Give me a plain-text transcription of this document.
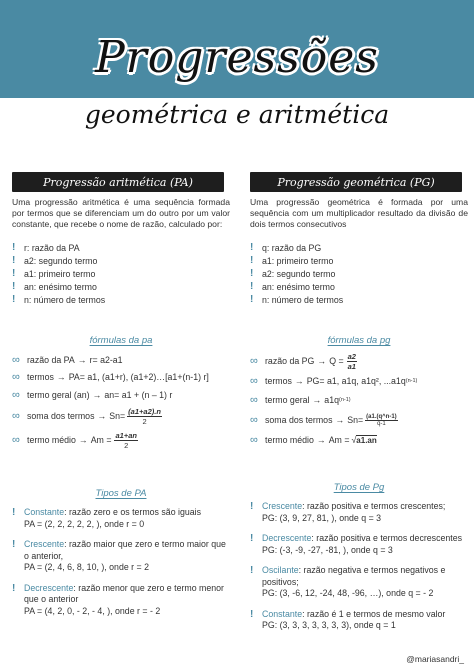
Progressões
geométrica e aritmética
Progressão aritmética (PA)

Uma progressão aritmética é uma sequência formada por termos que se diferenciam um do outro por um valor constante, que recebe o nome de razão, calculado por:

! r: razão da PA
! a2: segundo termo
! a1: primeiro termo
! an: enésimo termo
! n: número de termos
fórmulas da pa
∞ razão da PA → r= a2-a1
∞ termos → PA= a1, (a1+r), (a1+2)…[a1+(n-1) r]
∞ termo geral (an) → an= a1 + (n – 1) r
∞ soma dos termos → $Sn= \frac{(a1+a2).n}{2}$
∞ termo médio → $Am = \frac{a1+an}{2}$
Tipos de PA
! Constante: razão zero e os termos são iguais
PA = (2, 2, 2, 2, 2, ), onde r = 0
! Crescente: razão maior que zero e termo maior que o anterior,
PA = (2, 4, 6, 8, 10, ), onde r = 2
! Decrescente: razão menor que zero e termo menor que o anterior
PA = (4, 2, 0, - 2, - 4, ), onde r = - 2
Progressão geométrica (PG)

Uma progressão geométrica é formada por uma sequência com um multiplicador resultado da divisão de dois termos consecutivos

! q: razão da PG
! a1: primeiro termo
! a2: segundo termo
! an: enésimo termo
! n: número de termos
fórmulas da pg
∞ razão da PG → $Q = \frac{a2}{a1}$
∞ termos → PG= a1, a1q, a1q², ...a1q (n-1)
∞ termo geral → a1q (n-1)
∞ soma dos termos → $Sn= \frac{(a1.(q\^{}n-1)}{q-1}$
∞ termo médio → Am = √ a1.an
Tipos de Pg
! Crescente: razão positiva e termos crescentes;
PG: (3, 9, 27, 81, ), onde q = 3
! Decrescente: razão positiva e termos decrescentes
PG: (-3, -9, -27, -81, ), onde q = 3
! Oscilante: razão negativa e termos negativos e positivos;
PG: (3, -6, 12, -24, 48, -96, …), onde q = - 2
! Constante: razão é 1 e termos de mesmo valor
PG: (3, 3, 3, 3, 3, 3, 3), onde q = 1
@mariasandri_
